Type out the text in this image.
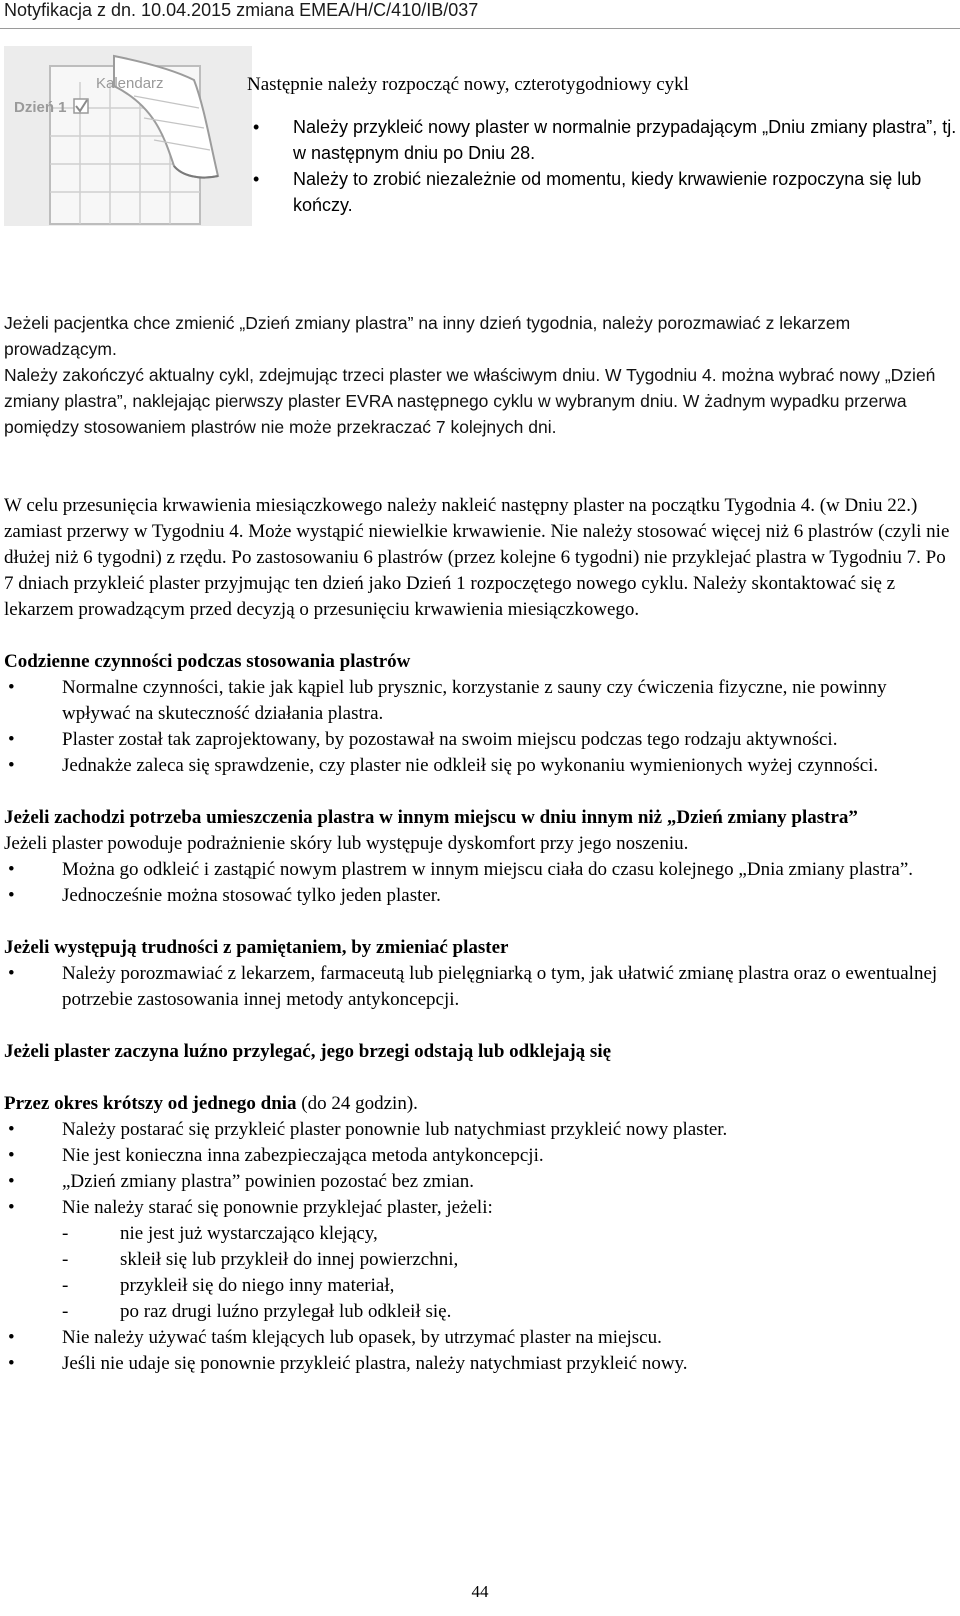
Notyfikacja z dn. 10.04.2015 zmiana EMEA/H/C/410/IB/037
Kalendarz
Dzień 1

Następnie należy rozpocząć nowy, czterotygodniowy cykl

• Należy przykleić nowy plaster w normalnie przypadającym „Dniu zmiany plastra”, tj. w następnym dniu po Dniu 28.
• Należy to zrobić niezależnie od momentu, kiedy krwawienie rozpoczyna się lub kończy.

Jeżeli pacjentka chce zmienić „Dzień zmiany plastra” na inny dzień tygodnia, należy porozmawiać z lekarzem prowadzącym.

Należy zakończyć aktualny cykl, zdejmując trzeci plaster we właściwym dniu. W Tygodniu 4. można wybrać nowy „Dzień zmiany plastra”, naklejając pierwszy plaster EVRA następnego cyklu w wybranym dniu. W żadnym wypadku przerwa pomiędzy stosowaniem plastrów nie może przekraczać 7 kolejnych dni.

W celu przesunięcia krwawienia miesiączkowego należy nakleić następny plaster na początku Tygodnia 4. (w Dniu 22.) zamiast przerwy w Tygodniu 4. Może wystąpić niewielkie krwawienie. Nie należy stosować więcej niż 6 plastrów (czyli nie dłużej niż 6 tygodni) z rzędu. Po zastosowaniu 6 plastrów (przez kolejne 6 tygodni) nie przyklejać plastra w Tygodniu 7. Po 7 dniach przykleić plaster przyjmując ten dzień jako Dzień 1 rozpoczętego nowego cyklu. Należy skontaktować się z lekarzem prowadzącym przed decyzją o przesunięciu krwawienia miesiączkowego.

Codzienne czynności podczas stosowania plastrów
• Normalne czynności, takie jak kąpiel lub prysznic, korzystanie z sauny czy ćwiczenia fizyczne, nie powinny wpływać na skuteczność działania plastra.
• Plaster został tak zaprojektowany, by pozostawał na swoim miejscu podczas tego rodzaju aktywności.
• Jednakże zaleca się sprawdzenie, czy plaster nie odkleił się po wykonaniu wymienionych wyżej czynności.
Jeżeli zachodzi potrzeba umieszczenia plastra w innym miejscu w dniu innym niż „Dzień zmiany plastra”

Jeżeli plaster powoduje podrażnienie skóry lub występuje dyskomfort przy jego noszeniu.

• Można go odkleić i zastąpić nowym plastrem w innym miejscu ciała do czasu kolejnego „Dnia zmiany plastra”.
• Jednocześnie można stosować tylko jeden plaster.
Jeżeli występują trudności z pamiętaniem, by zmieniać plaster
• Należy porozmawiać z lekarzem, farmaceutą lub pielęgniarką o tym, jak ułatwić zmianę plastra oraz o ewentualnej potrzebie zastosowania innej metody antykoncepcji.
Jeżeli plaster zaczyna luźno przylegać, jego brzegi odstają lub odklejają się

Przez okres krótszy od jednego dnia (do 24 godzin).

• Należy postarać się przykleić plaster ponownie lub natychmiast przykleić nowy plaster.
• Nie jest konieczna inna zabezpieczająca metoda antykoncepcji.
• „Dzień zmiany plastra” powinien pozostać bez zmian.
• Nie należy starać się ponownie przyklejać plaster, jeżeli:
-	nie jest już wystarczająco klejący,
-	skleił się lub przykleił do innej powierzchni,
-	przykleił się do niego inny materiał,
-	po raz drugi luźno przylegał lub odkleił się.
• Nie należy używać taśm klejących lub opasek, by utrzymać plaster na miejscu.
• Jeśli nie udaje się ponownie przykleić plastra, należy natychmiast przykleić nowy.
44
